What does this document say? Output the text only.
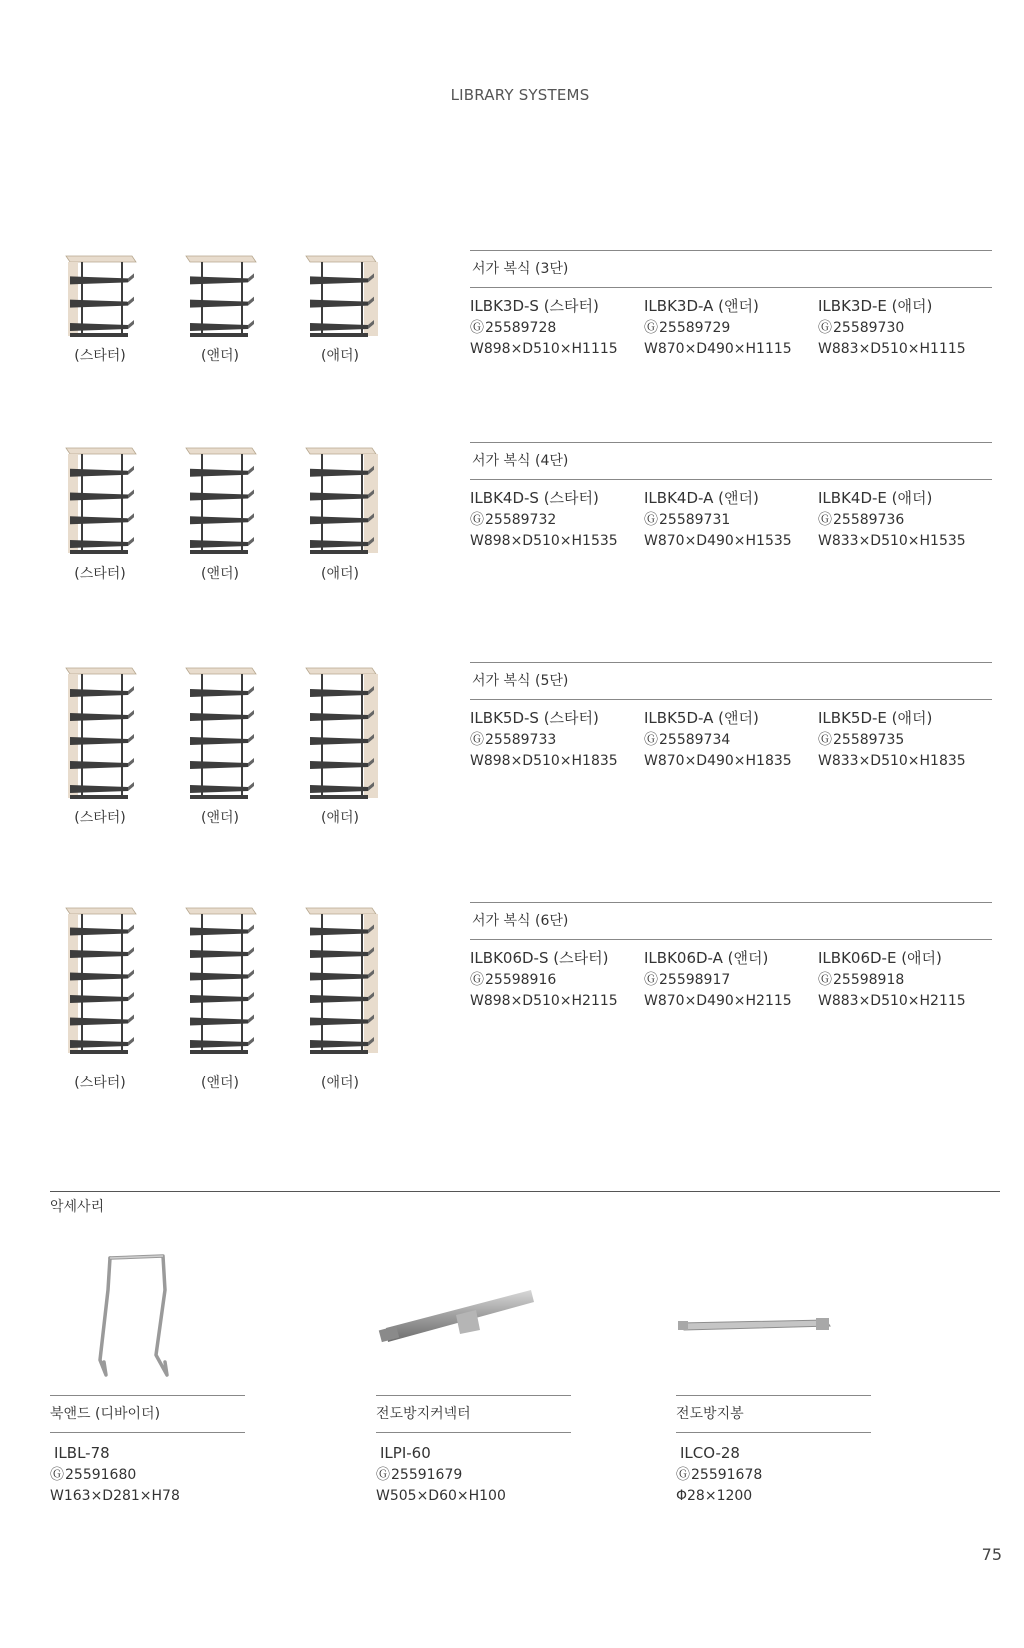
LIBRARY SYSTEMS
(스타터)	(앤더)	(애더)
서가 복식 (3단)
ILBK3D-S (스타터)
Ⓖ25589728
W898×D510×H1115
ILBK3D-A (앤더)
Ⓖ25589729
W870×D490×H1115
ILBK3D-E (애더)
Ⓖ25589730
W883×D510×H1115
(스타터)	(앤더)	(애더)
서가 복식 (4단)
ILBK4D-S (스타터)
Ⓖ25589732
W898×D510×H1535
ILBK4D-A (앤더)
Ⓖ25589731
W870×D490×H1535
ILBK4D-E (애더)
Ⓖ25589736
W833×D510×H1535
(스타터)	(앤더)	(애더)
서가 복식 (5단)
ILBK5D-S (스타터)
Ⓖ25589733
W898×D510×H1835
ILBK5D-A (앤더)
Ⓖ25589734
W870×D490×H1835
ILBK5D-E (애더)
Ⓖ25589735
W833×D510×H1835
(스타터)	(앤더)	(애더)
서가 복식 (6단)
ILBK06D-S (스타터)
Ⓖ25598916
W898×D510×H2115
ILBK06D-A (앤더)
Ⓖ25598917
W870×D490×H2115
ILBK06D-E (애더)
Ⓖ25598918
W883×D510×H2115
악세사리
북앤드 (디바이더)
ILBL-78
Ⓖ25591680
W163×D281×H78
전도방지커넥터
ILPI-60
Ⓖ25591679
W505×D60×H100
전도방지봉
ILCO-28
Ⓖ25591678
Φ28×1200
75
